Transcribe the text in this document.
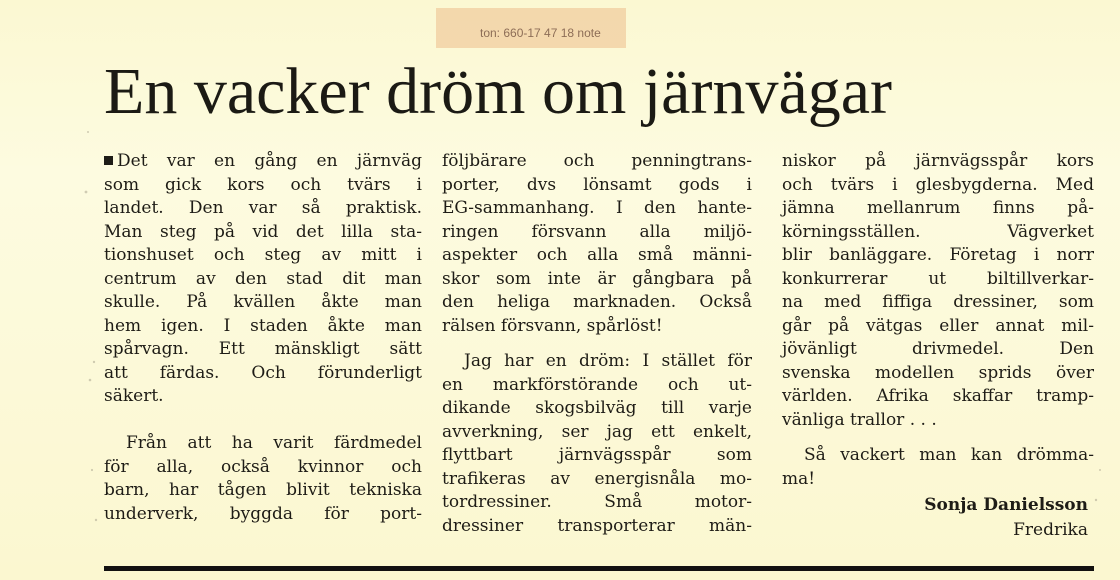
ton: 660-17 47 18 note
En vacker dröm om järnvägar
Det var en gång en järnväg
som gick kors och tvärs i
landet. Den var så praktisk.
Man steg på vid det lilla sta-
tionshuset och steg av mitt i
centrum av den stad dit man
skulle. På kvällen åkte man
hem igen. I staden åkte man
spårvagn. Ett mänskligt sätt
att färdas. Och förunderligt
säkert.
Från att ha varit färdmedel
för alla, också kvinnor och
barn, har tågen blivit tekniska
underverk, byggda för port-
följbärare och penningtrans-
porter, dvs lönsamt gods i
EG-sammanhang. I den hante-
ringen försvann alla miljö-
aspekter och alla små männi-
skor som inte är gångbara på
den heliga marknaden. Också
rälsen försvann, spårlöst!
Jag har en dröm: I stället för
en markförstörande och ut-
dikande skogsbilväg till varje
avverkning, ser jag ett enkelt,
flyttbart järnvägsspår som
trafikeras av energisnåla mo-
tordressiner. Små motor-
dressiner transporterar män-
niskor på järnvägsspår kors
och tvärs i glesbygderna. Med
jämna mellanrum finns på-
körningsställen. Vägverket
blir banläggare. Företag i norr
konkurrerar ut biltillverkar-
na med fiffiga dressiner, som
går på vätgas eller annat mil-
jövänligt drivmedel. Den
svenska modellen sprids över
världen. Afrika skaffar tramp-
vänliga trallor . . .
Så vackert man kan drömma-
ma!
Sonja Danielsson
Fredrika
